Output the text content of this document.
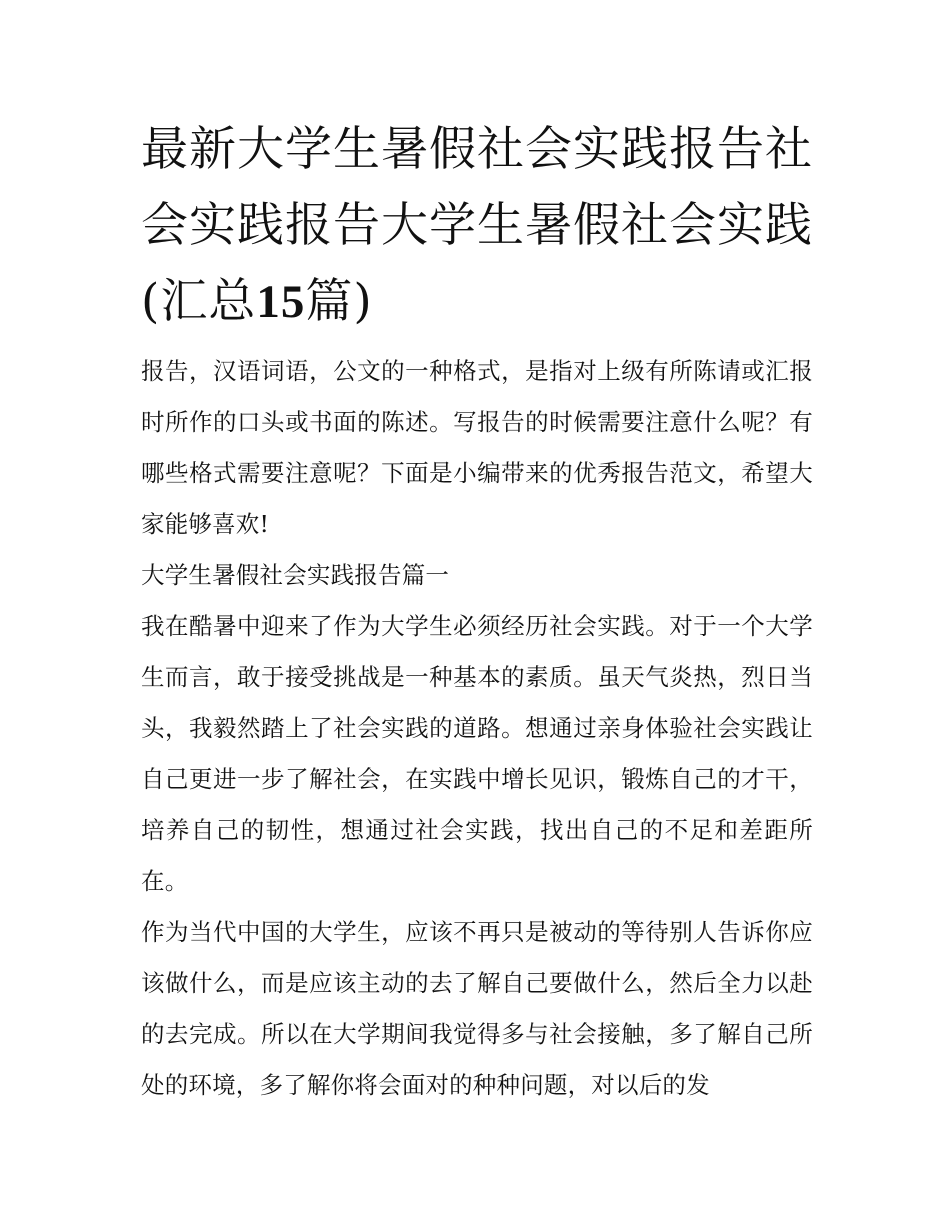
最新大学生暑假社会实践报告社会实践报告大学生暑假社会实践(汇总15篇)

报告，汉语词语，公文的一种格式，是指对上级有所陈请或汇报时所作的口头或书面的陈述。写报告的时候需要注意什么呢？有哪些格式需要注意呢？下面是小编带来的优秀报告范文，希望大家能够喜欢!

大学生暑假社会实践报告篇一

我在酷暑中迎来了作为大学生必须经历社会实践。对于一个大学生而言，敢于接受挑战是一种基本的素质。虽天气炎热，烈日当头，我毅然踏上了社会实践的道路。想通过亲身体验社会实践让自己更进一步了解社会，在实践中增长见识，锻炼自己的才干，培养自己的韧性，想通过社会实践，找出自己的不足和差距所在。

作为当代中国的大学生，应该不再只是被动的等待别人告诉你应该做什么，而是应该主动的去了解自己要做什么，然后全力以赴的去完成。所以在大学期间我觉得多与社会接触，多了解自己所处的环境，多了解你将会面对的种种问题，对以后的发
